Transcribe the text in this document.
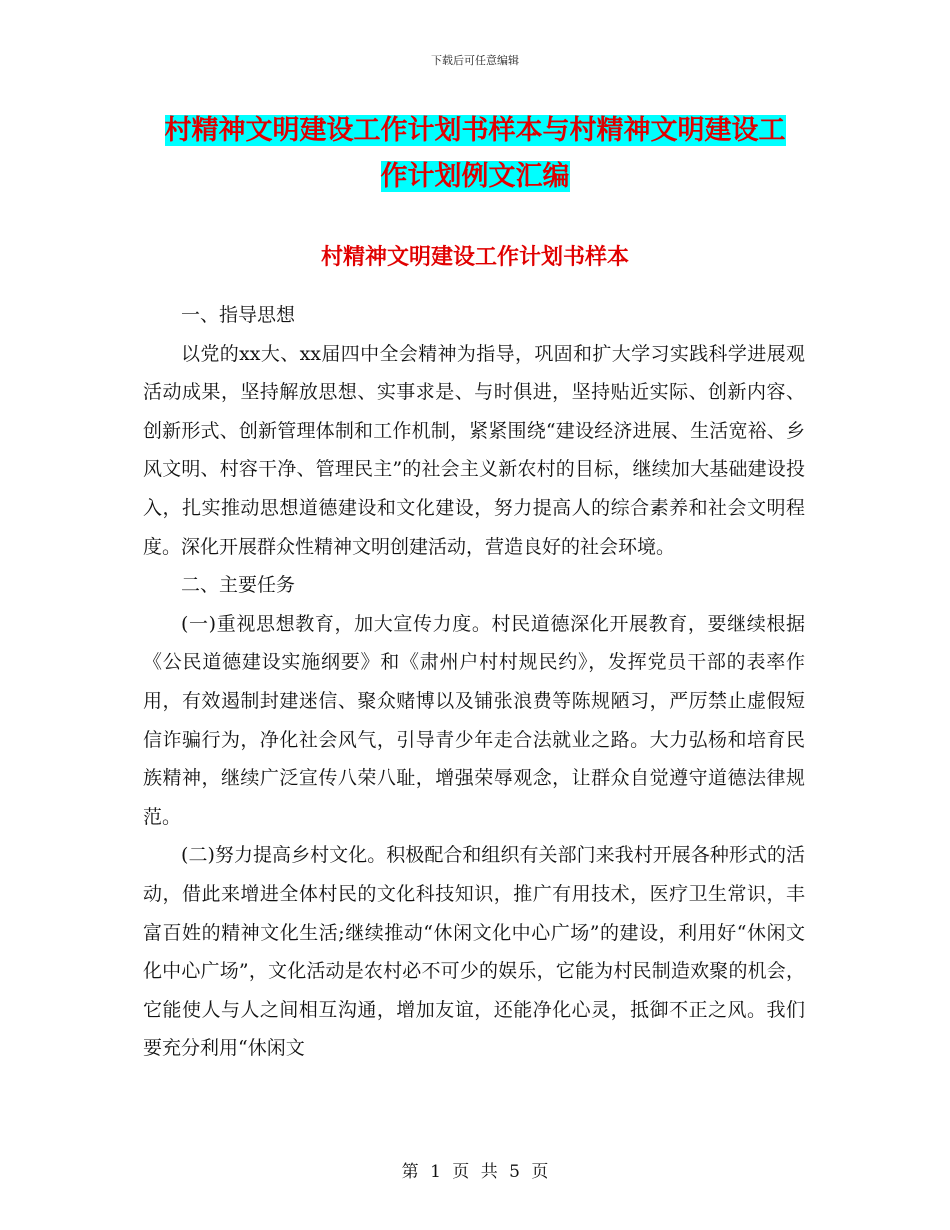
下载后可任意编辑
村精神文明建设工作计划书样本与村精神文明建设工
作计划例文汇编
村精神文明建设工作计划书样本

一、指导思想

以党的xx大、xx届四中全会精神为指导，巩固和扩大学习实践科学进展观活动成果，坚持解放思想、实事求是、与时俱进，坚持贴近实际、创新内容、创新形式、创新管理体制和工作机制，紧紧围绕“建设经济进展、生活宽裕、乡风文明、村容干净、管理民主”的社会主义新农村的目标，继续加大基础建设投入，扎实推动思想道德建设和文化建设，努力提高人的综合素养和社会文明程度。深化开展群众性精神文明创建活动，营造良好的社会环境。

二、主要任务

(一)重视思想教育，加大宣传力度。村民道德深化开展教育，要继续根据《公民道德建设实施纲要》和《肃州户村村规民约》，发挥党员干部的表率作用，有效遏制封建迷信、聚众赌博以及铺张浪费等陈规陋习，严厉禁止虚假短信诈骗行为，净化社会风气，引导青少年走合法就业之路。大力弘杨和培育民族精神，继续广泛宣传八荣八耻，增强荣辱观念，让群众自觉遵守道德法律规范。

(二)努力提高乡村文化。积极配合和组织有关部门来我村开展各种形式的活动，借此来增进全体村民的文化科技知识，推广有用技术，医疗卫生常识，丰富百姓的精神文化生活;继续推动“休闲文化中心广场”的建设，利用好“休闲文化中心广场”，文化活动是农村必不可少的娱乐，它能为村民制造欢聚的机会，它能使人与人之间相互沟通，增加友谊，还能净化心灵，抵御不正之风。我们要充分利用“休闲文

第 1 页 共 5 页
